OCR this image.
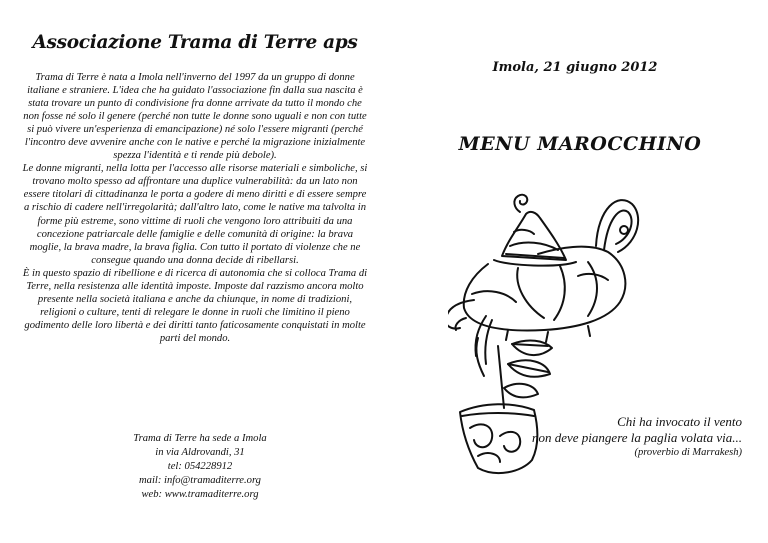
Associazione Trama di Terre aps

Trama di Terre è nata a Imola nell'inverno del 1997 da un gruppo di donne italiane e straniere. L'idea che ha guidato l'associazione fin dalla sua nascita è stata trovare un punto di condivisione fra donne arrivate da tutto il mondo che non fosse né solo il genere (perché non tutte le donne sono uguali e non con tutte si può vivere un'esperienza di emancipazione) né solo l'essere migranti (perché l'incontro deve avvenire anche con le native e perché la migrazione inizialmente spezza l'identità e ti rende più debole).

Le donne migranti, nella lotta per l'accesso alle risorse materiali e simboliche, si trovano molto spesso ad affrontare una duplice vulnerabilità: da un lato non essere titolari di cittadinanza le porta a godere di meno diritti e di essere sempre a rischio di cadere nell'irregolarità; dall'altro lato, come le native ma talvolta in forme più estreme, sono vittime di ruoli che vengono loro attribuiti da una concezione patriarcale delle famiglie e delle comunità di origine: la brava moglie, la brava madre, la brava figlia. Con tutto il portato di violenze che ne consegue quando una donna decide di ribellarsi.

È in questo spazio di ribellione e di ricerca di autonomia che si colloca Trama di Terre, nella resistenza alle identità imposte. Imposte dal razzismo ancora molto presente nella società italiana e anche da chiunque, in nome di tradizioni, religioni o culture, tenti di relegare le donne in ruoli che limitino il pieno godimento delle loro libertà e dei diritti tanto faticosamente conquistati in molte parti del mondo.

Trama di Terre ha sede a Imola
in via Aldrovandi, 31
tel: 054228912
mail: info@tramaditerre.org
web: www.tramaditerre.org
Imola, 21 giugno 2012
MENU MAROCCHINO
Chi ha invocato il vento
non deve piangere la paglia volata via...
(proverbio di Marrakesh)
